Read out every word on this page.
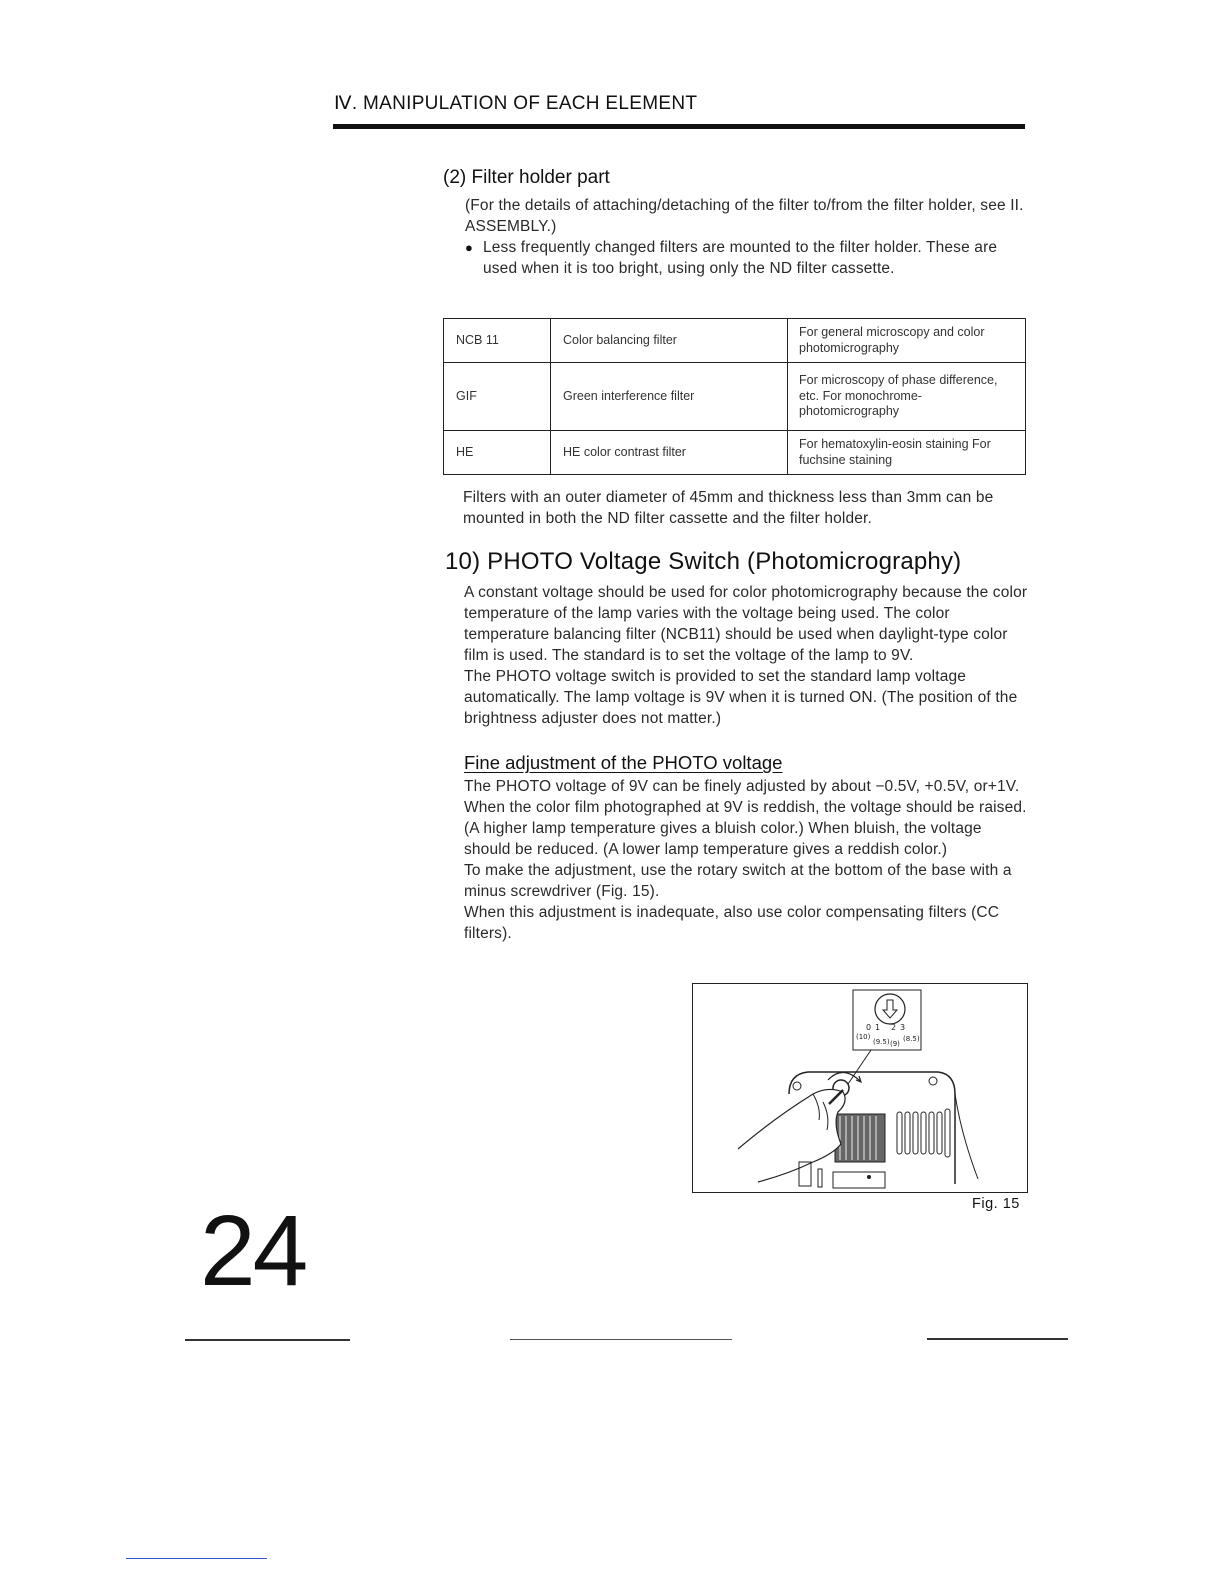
Ⅳ. MANIPULATION OF EACH ELEMENT
(2) Filter holder part
(For the details of attaching/detaching of the filter to/from the filter holder, see II. ASSEMBLY.)
● Less frequently changed filters are mounted to the filter holder. These are used when it is too bright, using only the ND filter cassette.
NCB 11	Color balancing filter	For general microscopy and color photomicrography
GIF	Green interference filter	For microscopy of phase difference, etc. For monochrome-photomicrography
HE	HE color contrast filter	For hematoxylin-eosin staining For fuchsine staining
Filters with an outer diameter of 45mm and thickness less than 3mm can be mounted in both the ND filter cassette and the filter holder.
10) PHOTO Voltage Switch (Photomicrography)
A constant voltage should be used for color photomicrography because the color temperature of the lamp varies with the voltage being used. The color temperature balancing filter (NCB11) should be used when daylight-type color film is used. The standard is to set the voltage of the lamp to 9V.
The PHOTO voltage switch is provided to set the standard lamp voltage automatically. The lamp voltage is 9V when it is turned ON. (The position of the brightness adjuster does not matter.)
Fine adjustment of the PHOTO voltage
The PHOTO voltage of 9V can be finely adjusted by about −0.5V, +0.5V, or+1V. When the color film photographed at 9V is reddish, the voltage should be raised. (A higher lamp temperature gives a bluish color.) When bluish, the voltage should be reduced. (A lower lamp temperature gives a reddish color.)
To make the adjustment, use the rotary switch at the bottom of the base with a minus screwdriver (Fig. 15).
When this adjustment is inadequate, also use color compensating filters (CC filters).
0 1 2 3
(10)
(9.5) (9)
(8.5)
Fig. 15
24
